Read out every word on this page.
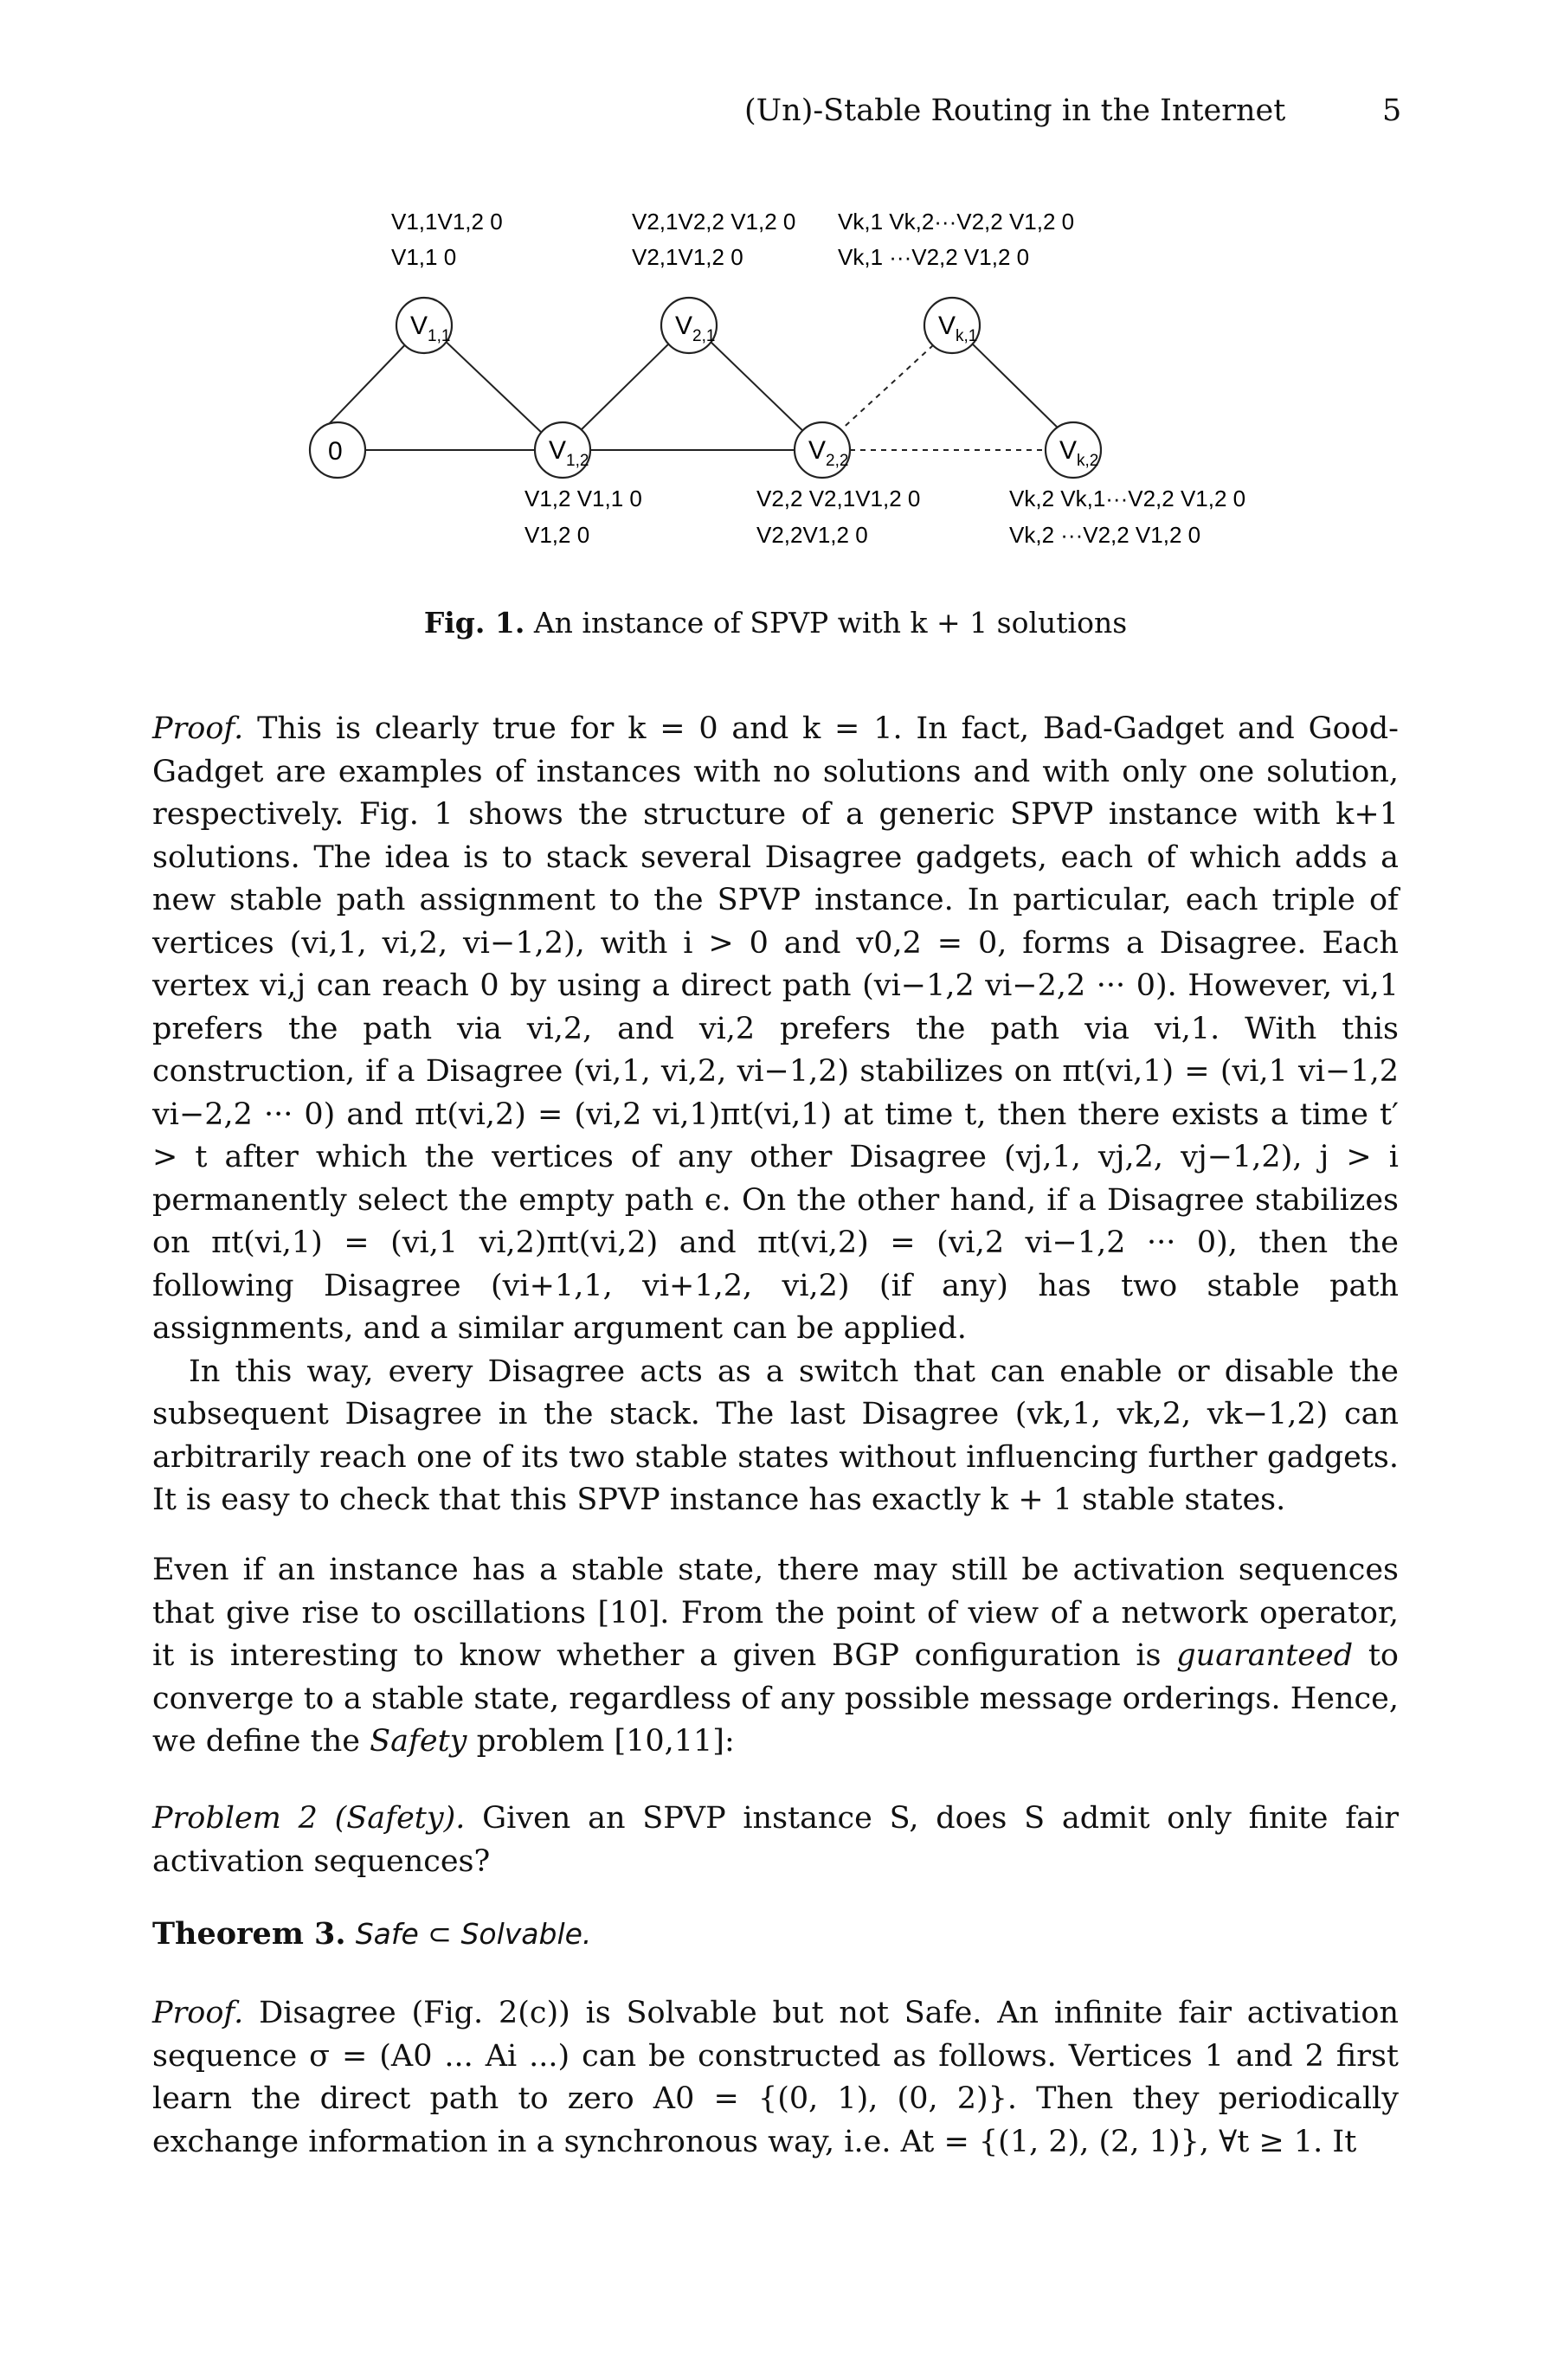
(Un)-Stable Routing in the Internet	5
0
$V_{1,1}$
$V_{1,2}$
$V_{2,1}$
$V_{2,2}$
$V_{k,1}$
$V_{k,2}$
V1,1V1,2 0
V1,1 0
V2,1V2,2 V1,2 0
V2,1V1,2 0
Vk,1 Vk,2···V2,2 V1,2 0
Vk,1 ···V2,2 V1,2 0
V1,2 V1,1 0
V1,2 0
V2,2 V2,1V1,2 0
V2,2V1,2 0
Vk,2 Vk,1···V2,2 V1,2 0
Vk,2 ···V2,2 V1,2 0
Fig. 1. An instance of SPVP with k + 1 solutions

Proof. This is clearly true for k = 0 and k = 1. In fact, Bad-Gadget and Good-Gadget are examples of instances with no solutions and with only one solution, respectively. Fig. 1 shows the structure of a generic SPVP instance with k+1 solutions. The idea is to stack several Disagree gadgets, each of which adds a new stable path assignment to the SPVP instance. In particular, each triple of vertices (vi,1, vi,2, vi−1,2), with i > 0 and v0,2 = 0, forms a Disagree. Each vertex vi,j can reach 0 by using a direct path (vi−1,2 vi−2,2 ··· 0). However, vi,1 prefers the path via vi,2, and vi,2 prefers the path via vi,1. With this construction, if a Disagree (vi,1, vi,2, vi−1,2) stabilizes on πt(vi,1) = (vi,1 vi−1,2 vi−2,2 ··· 0) and πt(vi,2) = (vi,2 vi,1)πt(vi,1) at time t, then there exists a time t′ > t after which the vertices of any other Disagree (vj,1, vj,2, vj−1,2), j > i permanently select the empty path ϵ. On the other hand, if a Disagree stabilizes on πt(vi,1) = (vi,1 vi,2)πt(vi,2) and πt(vi,2) = (vi,2 vi−1,2 ··· 0), then the following Disagree (vi+1,1, vi+1,2, vi,2) (if any) has two stable path assignments, and a similar argument can be applied.

In this way, every Disagree acts as a switch that can enable or disable the subsequent Disagree in the stack. The last Disagree (vk,1, vk,2, vk−1,2) can arbitrarily reach one of its two stable states without influencing further gadgets. It is easy to check that this SPVP instance has exactly k + 1 stable states.

Even if an instance has a stable state, there may still be activation sequences that give rise to oscillations [10]. From the point of view of a network operator, it is interesting to know whether a given BGP configuration is guaranteed to converge to a stable state, regardless of any possible message orderings. Hence, we define the Safety problem [10,11]:

Problem 2 (Safety). Given an SPVP instance S, does S admit only finite fair activation sequences?

Theorem 3. Safe ⊂ Solvable.

Proof. Disagree (Fig. 2(c)) is Solvable but not Safe. An infinite fair activation sequence σ = (A0 ... Ai ...) can be constructed as follows. Vertices 1 and 2 first learn the direct path to zero A0 = {(0, 1), (0, 2)}. Then they periodically exchange information in a synchronous way, i.e. At = {(1, 2), (2, 1)}, ∀t ≥ 1. It
